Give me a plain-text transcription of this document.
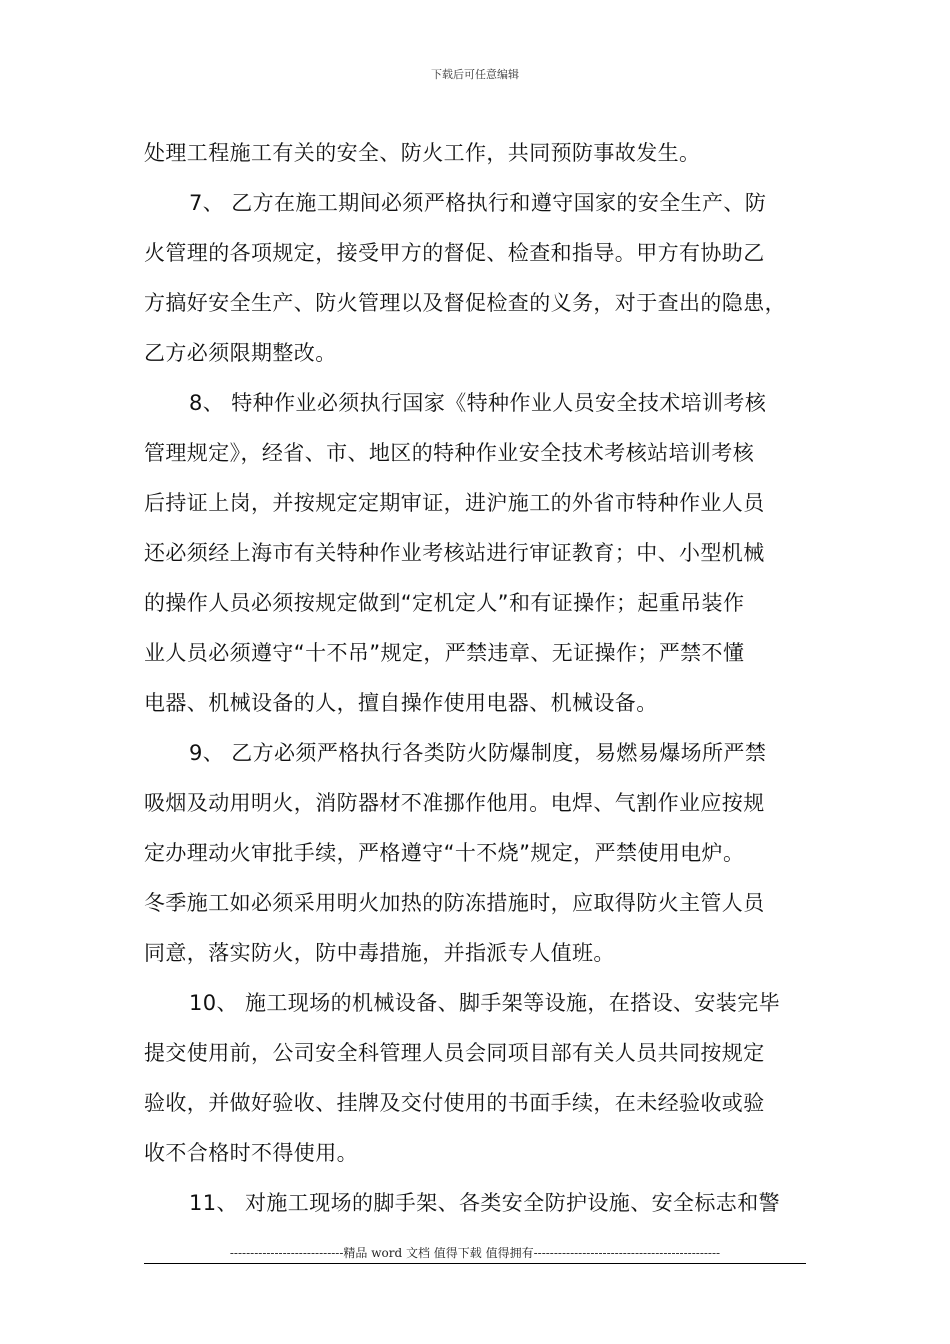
下载后可任意编辑
处理工程施工有关的安全、防火工作，共同预防事故发生。
7、 乙方在施工期间必须严格执行和遵守国家的安全生产、防
火管理的各项规定，接受甲方的督促、检查和指导。甲方有协助乙
方搞好安全生产、防火管理以及督促检查的义务，对于查出的隐患，
乙方必须限期整改。
8、 特种作业必须执行国家《特种作业人员安全技术培训考核
管理规定》，经省、市、地区的特种作业安全技术考核站培训考核
后持证上岗，并按规定定期审证，进沪施工的外省市特种作业人员
还必须经上海市有关特种作业考核站进行审证教育；中、小型机械
的操作人员必须按规定做到“定机定人”和有证操作；起重吊装作
业人员必须遵守“十不吊”规定，严禁违章、无证操作；严禁不懂
电器、机械设备的人，擅自操作使用电器、机械设备。
9、 乙方必须严格执行各类防火防爆制度，易燃易爆场所严禁
吸烟及动用明火，消防器材不准挪作他用。电焊、气割作业应按规
定办理动火审批手续，严格遵守“十不烧”规定，严禁使用电炉。
冬季施工如必须采用明火加热的防冻措施时，应取得防火主管人员
同意，落实防火，防中毒措施，并指派专人值班。
10、 施工现场的机械设备、脚手架等设施，在搭设、安装完毕
提交使用前，公司安全科管理人员会同项目部有关人员共同按规定
验收，并做好验收、挂牌及交付使用的书面手续，在未经验收或验
收不合格时不得使用。
11、 对施工现场的脚手架、各类安全防护设施、安全标志和警
----------------------------精品 word 文档 值得下载 值得拥有----------------------------------------------
